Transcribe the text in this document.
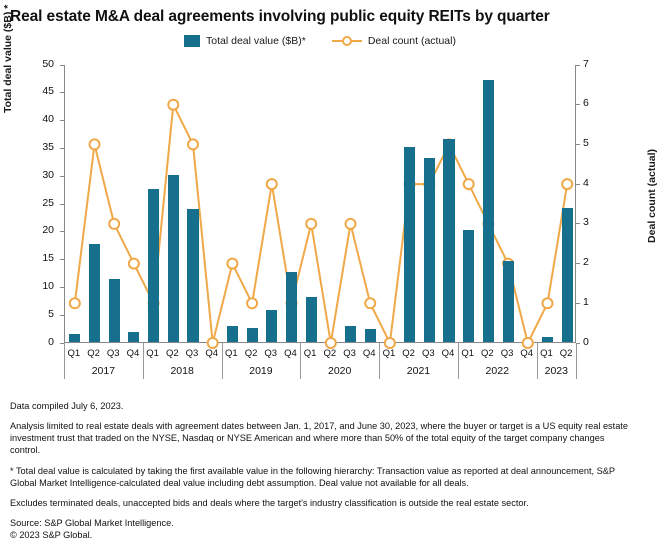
Real estate M&A deal agreements involving public equity REITs by quarter
Total deal value ($B)*	Deal count (actual)
Total deal value ($B) *
Deal count (actual)
0
5
10
15
20
25
30
35
40
45
50
0
1
2
3
4
5
6
7
Q1 Q2 Q3 Q4 Q1 Q2 Q3 Q4 Q1 Q2 Q3 Q4 Q1 Q2 Q3 Q4 Q1 Q2 Q3 Q4 Q1 Q2 Q3 Q4 Q1 Q2
2017	2018	2019	2020	2021	2022	2023

Data compiled July 6, 2023.

Analysis limited to real estate deals with agreement dates between Jan. 1, 2017, and June 30, 2023, where the buyer or target is a US equity real estate investment trust that traded on the NYSE, Nasdaq or NYSE American and where more than 50% of the total equity of the target company changes control.

* Total deal value is calculated by taking the first available value in the following hierarchy: Transaction value as reported at deal announcement, S&P Global Market Intelligence-calculated deal value including debt assumption. Deal value not available for all deals.

Excludes terminated deals, unaccepted bids and deals where the target's industry classification is outside the real estate sector.

Source: S&P Global Market Intelligence.

© 2023 S&P Global.
